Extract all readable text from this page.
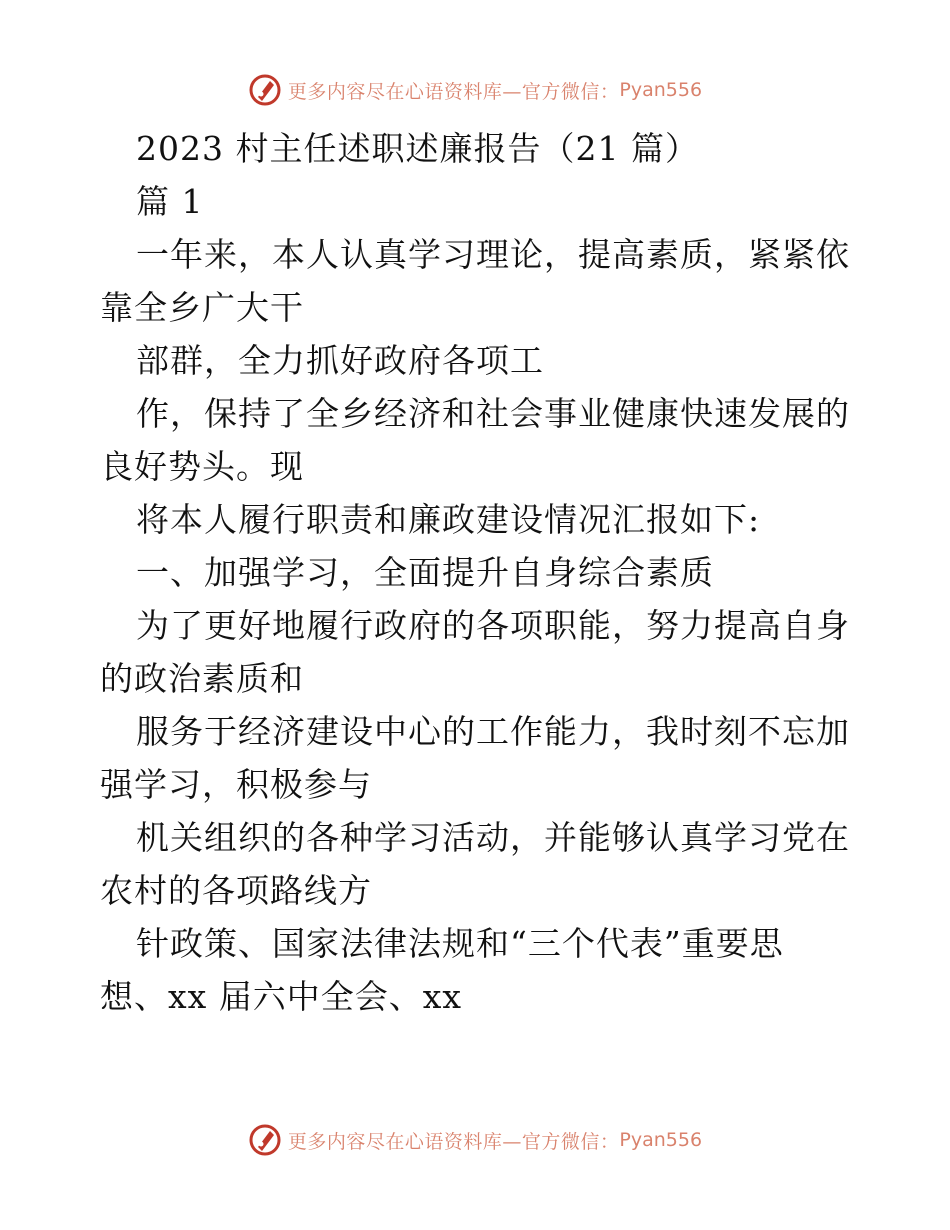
更多内容尽在心语资料库—官方微信： Pyan556
2023 村主任述职述廉报告（21 篇）
篇 1
一年来，本人认真学习理论，提高素质，紧紧依
靠全乡广大干
部群，全力抓好政府各项工
作，保持了全乡经济和社会事业健康快速发展的
良好势头。现
将本人履行职责和廉政建设情况汇报如下:
一、加强学习，全面提升自身综合素质
为了更好地履行政府的各项职能，努力提高自身
的政治素质和
服务于经济建设中心的工作能力，我时刻不忘加
强学习，积极参与
机关组织的各种学习活动，并能够认真学习党在
农村的各项路线方
针政策、国家法律法规和“三个代表”重要思
想、xx 届六中全会、xx
更多内容尽在心语资料库—官方微信： Pyan556
